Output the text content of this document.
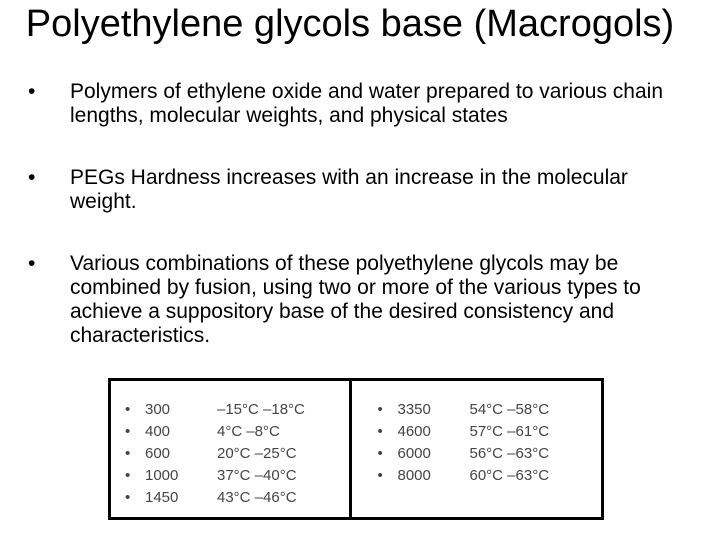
Polyethylene glycols base (Macrogols)
•	Polymers of ethylene oxide and water prepared to various chain lengths, molecular weights, and physical states
•	PEGs Hardness increases with an increase in the molecular weight.
•	Various combinations of these polyethylene glycols may be combined by fusion, using two or more of the various types to achieve a suppository base of the desired consistency and characteristics.
• 300	–15°C –18°C
• 400	4°C –8°C
• 600	20°C –25°C
• 1000	37°C –40°C
• 1450	43°C –46°C
• 3350	54°C –58°C
• 4600	57°C –61°C
• 6000	56°C –63°C
• 8000	60°C –63°C
